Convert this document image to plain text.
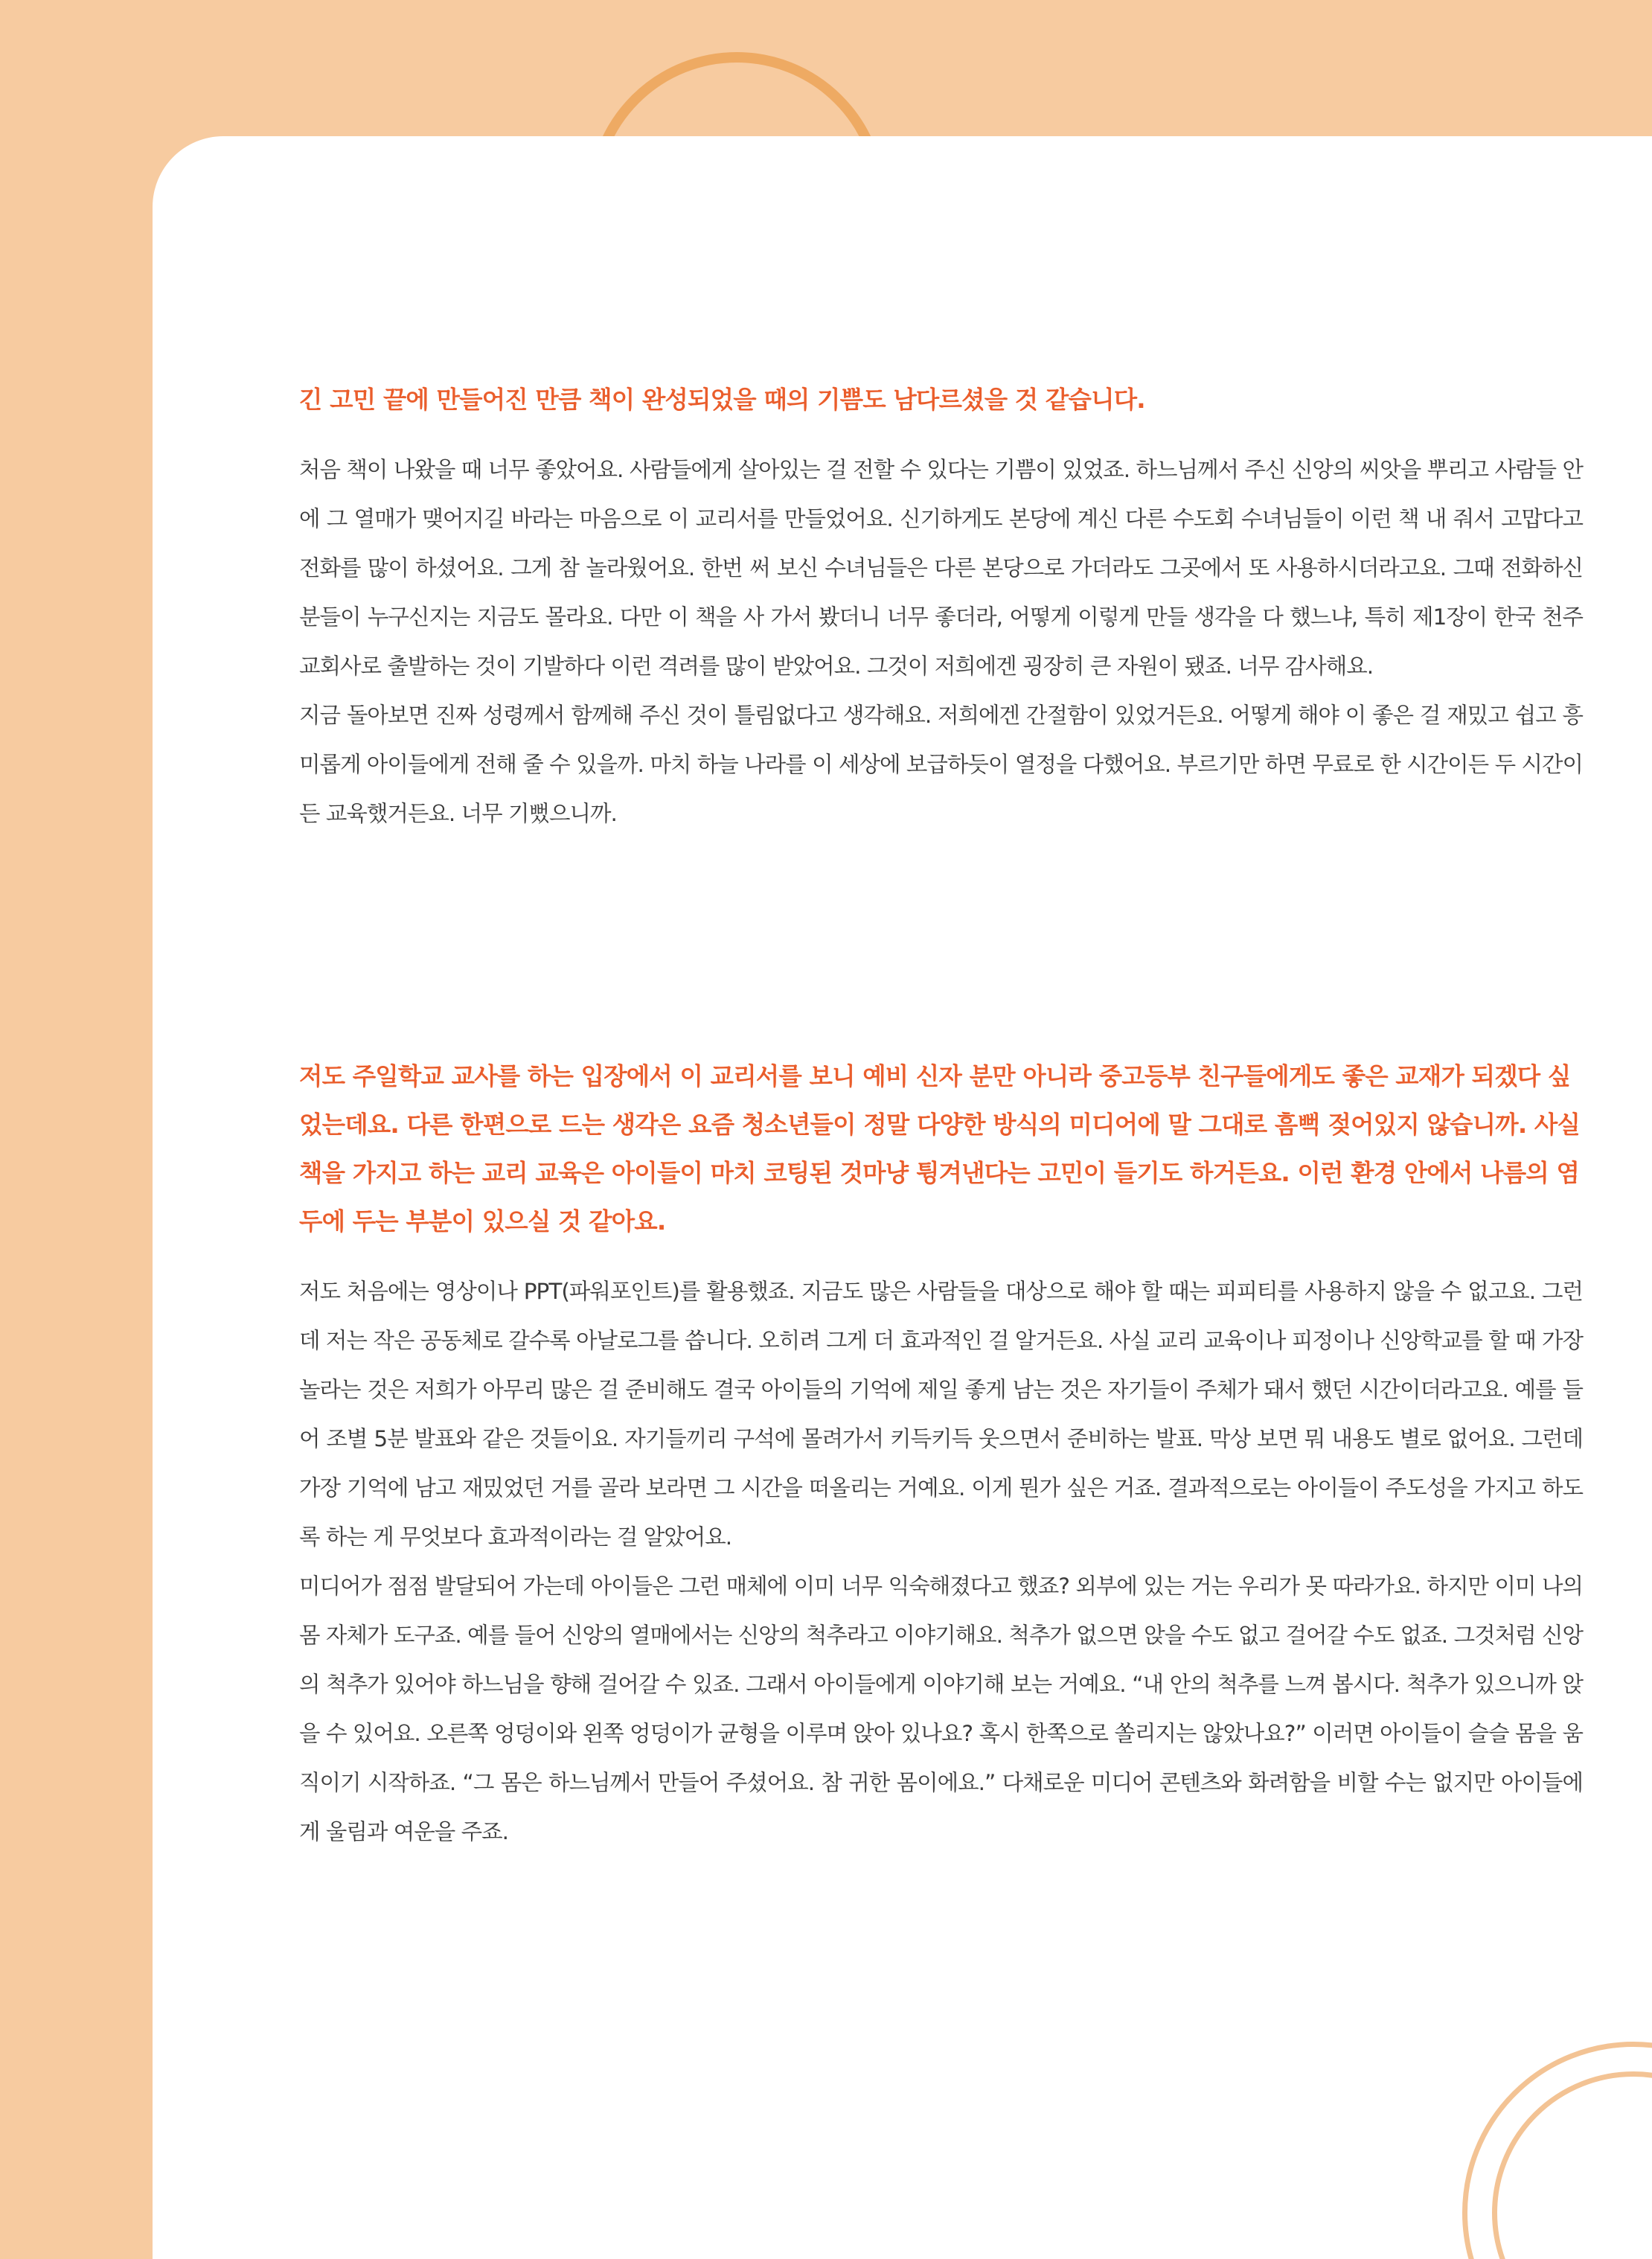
긴 고민 끝에 만들어진 만큼 책이 완성되었을 때의 기쁨도 남다르셨을 것 같습니다.

처음 책이 나왔을 때 너무 좋았어요. 사람들에게 살아있는 걸 전할 수 있다는 기쁨이 있었죠. 하느님께서 주신 신앙의 씨앗을 뿌리고 사람들 안에 그 열매가 맺어지길 바라는 마음으로 이 교리서를 만들었어요. 신기하게도 본당에 계신 다른 수도회 수녀님들이 이런 책 내 줘서 고맙다고 전화를 많이 하셨어요. 그게 참 놀라웠어요. 한번 써 보신 수녀님들은 다른 본당으로 가더라도 그곳에서 또 사용하시더라고요. 그때 전화하신 분들이 누구신지는 지금도 몰라요. 다만 이 책을 사 가서 봤더니 너무 좋더라, 어떻게 이렇게 만들 생각을 다 했느냐, 특히 제1장이 한국 천주교회사로 출발하는 것이 기발하다 이런 격려를 많이 받았어요. 그것이 저희에겐 굉장히 큰 자원이 됐죠. 너무 감사해요.

지금 돌아보면 진짜 성령께서 함께해 주신 것이 틀림없다고 생각해요. 저희에겐 간절함이 있었거든요. 어떻게 해야 이 좋은 걸 재밌고 쉽고 흥미롭게 아이들에게 전해 줄 수 있을까. 마치 하늘 나라를 이 세상에 보급하듯이 열정을 다했어요. 부르기만 하면 무료로 한 시간이든 두 시간이든 교육했거든요. 너무 기뻤으니까.

저도 주일학교 교사를 하는 입장에서 이 교리서를 보니 예비 신자 분만 아니라 중고등부 친구들에게도 좋은 교재가 되겠다 싶었는데요. 다른 한편으로 드는 생각은 요즘 청소년들이 정말 다양한 방식의 미디어에 말 그대로 흠뻑 젖어있지 않습니까. 사실 책을 가지고 하는 교리 교육은 아이들이 마치 코팅된 것마냥 튕겨낸다는 고민이 들기도 하거든요. 이런 환경 안에서 나름의 염두에 두는 부분이 있으실 것 같아요.

저도 처음에는 영상이나 PPT(파워포인트)를 활용했죠. 지금도 많은 사람들을 대상으로 해야 할 때는 피피티를 사용하지 않을 수 없고요. 그런데 저는 작은 공동체로 갈수록 아날로그를 씁니다. 오히려 그게 더 효과적인 걸 알거든요. 사실 교리 교육이나 피정이나 신앙학교를 할 때 가장 놀라는 것은 저희가 아무리 많은 걸 준비해도 결국 아이들의 기억에 제일 좋게 남는 것은 자기들이 주체가 돼서 했던 시간이더라고요. 예를 들어 조별 5분 발표와 같은 것들이요. 자기들끼리 구석에 몰려가서 키득키득 웃으면서 준비하는 발표. 막상 보면 뭐 내용도 별로 없어요. 그런데 가장 기억에 남고 재밌었던 거를 골라 보라면 그 시간을 떠올리는 거예요. 이게 뭔가 싶은 거죠. 결과적으로는 아이들이 주도성을 가지고 하도록 하는 게 무엇보다 효과적이라는 걸 알았어요.

미디어가 점점 발달되어 가는데 아이들은 그런 매체에 이미 너무 익숙해졌다고 했죠? 외부에 있는 거는 우리가 못 따라가요. 하지만 이미 나의 몸 자체가 도구죠. 예를 들어 신앙의 열매에서는 신앙의 척추라고 이야기해요. 척추가 없으면 앉을 수도 없고 걸어갈 수도 없죠. 그것처럼 신앙의 척추가 있어야 하느님을 향해 걸어갈 수 있죠. 그래서 아이들에게 이야기해 보는 거예요. “내 안의 척추를 느껴 봅시다. 척추가 있으니까 앉을 수 있어요. 오른쪽 엉덩이와 왼쪽 엉덩이가 균형을 이루며 앉아 있나요? 혹시 한쪽으로 쏠리지는 않았나요?” 이러면 아이들이 슬슬 몸을 움직이기 시작하죠. “그 몸은 하느님께서 만들어 주셨어요. 참 귀한 몸이에요.” 다채로운 미디어 콘텐츠와 화려함을 비할 수는 없지만 아이들에게 울림과 여운을 주죠.
